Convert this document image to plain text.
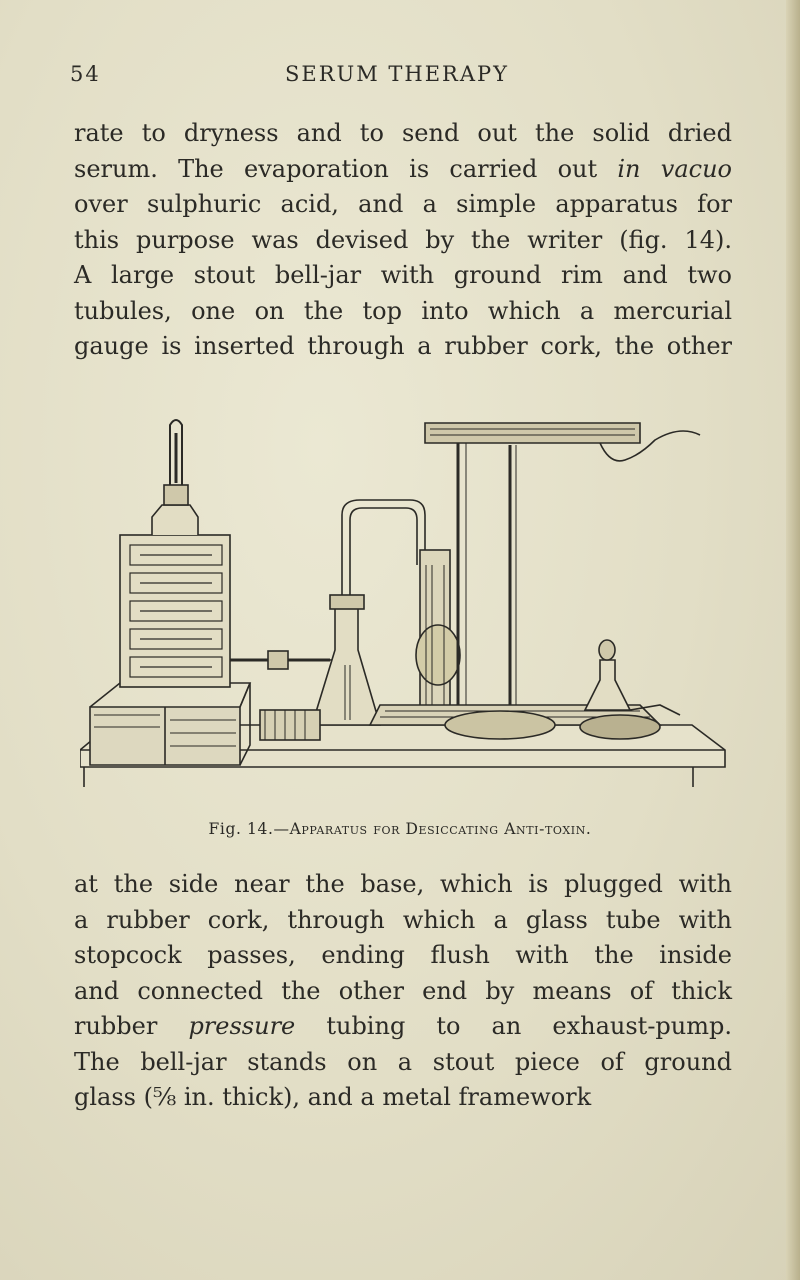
54	SERUM THERAPY

rate to dryness and to send out the solid dried
serum. The evaporation is carried out in vacuo
over sulphuric acid, and a simple apparatus for
this purpose was devised by the writer (fig. 14).
A large stout bell-jar with ground rim and two
tubules, one on the top into which a mercurial
gauge is inserted through a rubber cork, the other

Fig. 14.—Apparatus for Desiccating Anti-toxin.

at the side near the base, which is plugged with
a rubber cork, through which a glass tube with
stopcock passes, ending flush with the inside
and connected the other end by means of thick
rubber pressure tubing to an exhaust-pump.
The bell-jar stands on a stout piece of ground
glass (⅝ in. thick), and a metal framework
